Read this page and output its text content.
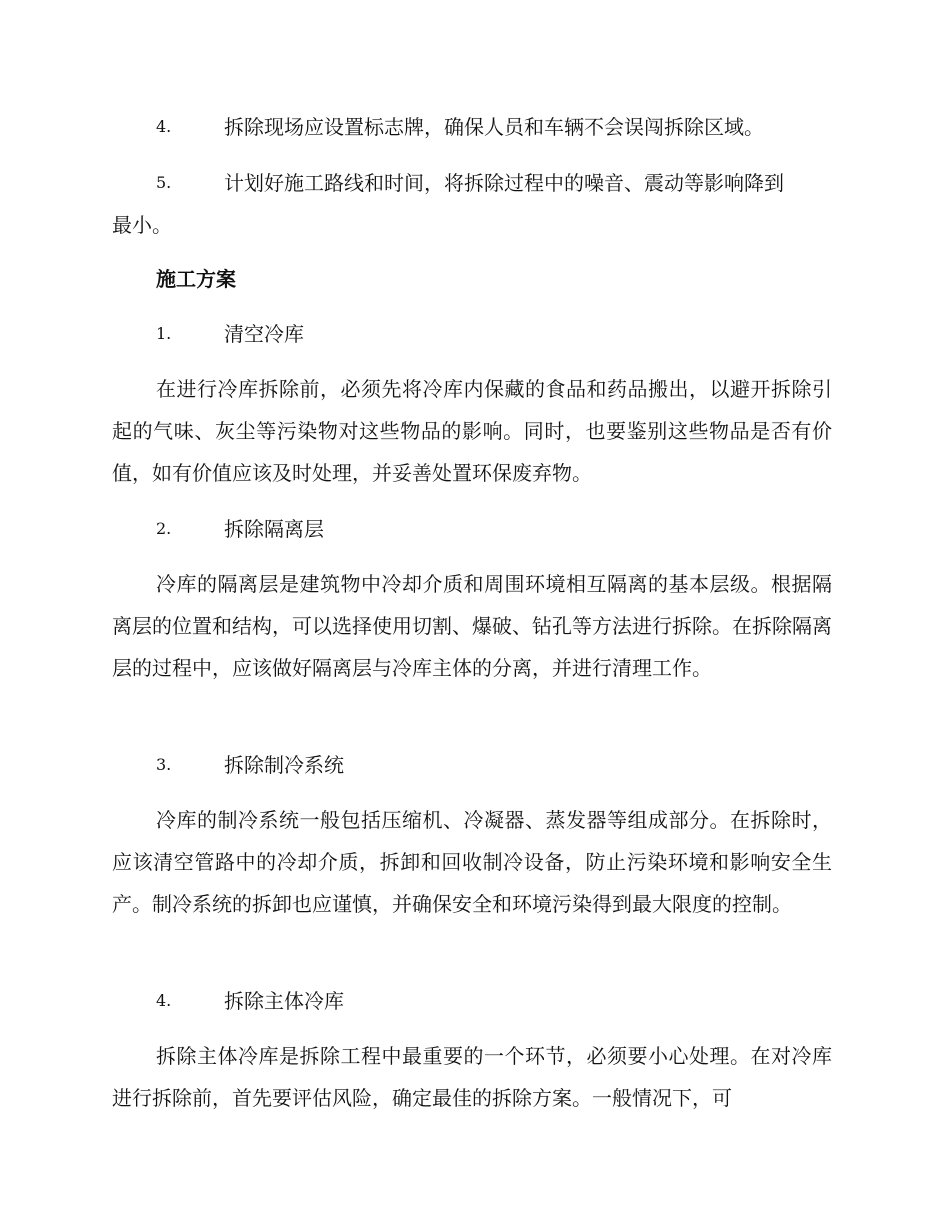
4.	拆除现场应设置标志牌，确保人员和车辆不会误闯拆除区域。
5.	计划好施工路线和时间，将拆除过程中的噪音、震动等影响降到
最小。
施工方案
1.	清空冷库
在进行冷库拆除前，必须先将冷库内保藏的食品和药品搬出，以避开拆除引起的气味、灰尘等污染物对这些物品的影响。同时，也要鉴别这些物品是否有价值，如有价值应该及时处理，并妥善处置环保废弃物。
2.	拆除隔离层
冷库的隔离层是建筑物中冷却介质和周围环境相互隔离的基本层级。根据隔离层的位置和结构，可以选择使用切割、爆破、钻孔等方法进行拆除。在拆除隔离层的过程中，应该做好隔离层与冷库主体的分离，并进行清理工作。
3.	拆除制冷系统
冷库的制冷系统一般包括压缩机、冷凝器、蒸发器等组成部分。在拆除时，应该清空管路中的冷却介质，拆卸和回收制冷设备，防止污染环境和影响安全生产。制冷系统的拆卸也应谨慎，并确保安全和环境污染得到最大限度的控制。
4.	拆除主体冷库
拆除主体冷库是拆除工程中最重要的一个环节，必须要小心处理。在对冷库进行拆除前，首先要评估风险，确定最佳的拆除方案。一般情况下，可
